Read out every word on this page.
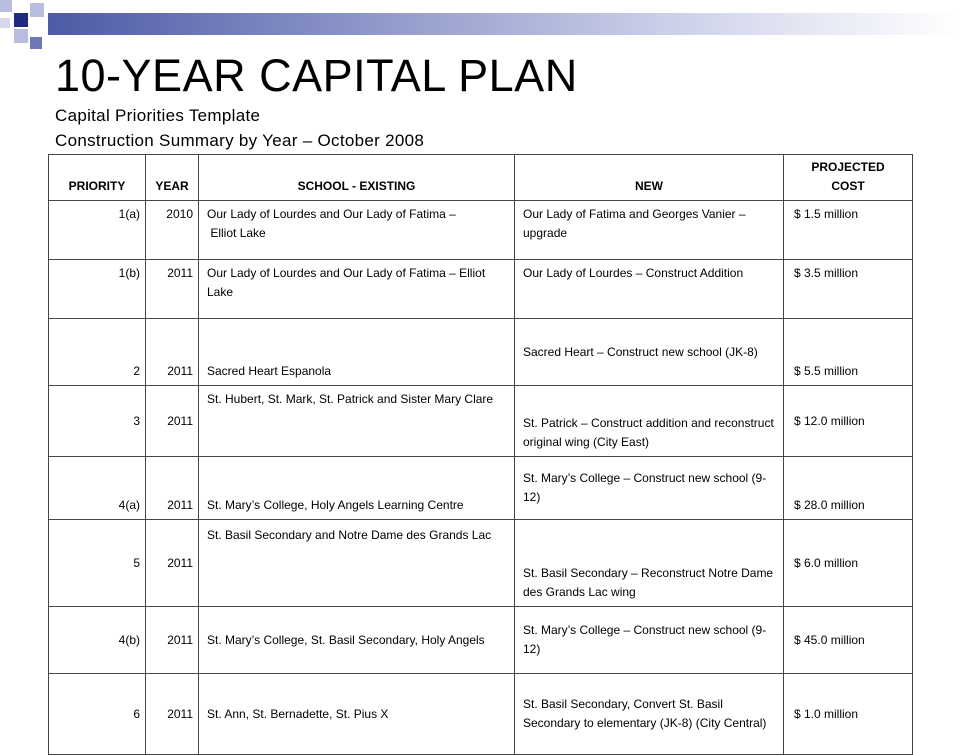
10-YEAR CAPITAL PLAN
Capital Priorities Template
Construction Summary by Year – October 2008
PRIORITY	YEAR	SCHOOL - EXISTING	NEW	PROJECTED
COST
1(a)	2010	Our Lady of Lourdes and Our Lady of Fatima –
Elliot Lake	Our Lady of Fatima and Georges Vanier – upgrade	$ 1.5 million
1(b)	2011	Our Lady of Lourdes and Our Lady of Fatima – Elliot Lake	Our Lady of Lourdes – Construct Addition	$ 3.5 million
2	2011	Sacred Heart Espanola	Sacred Heart – Construct new school (JK-8)	$ 5.5 million
3	2011	St. Hubert, St. Mark, St. Patrick and Sister Mary Clare	St. Patrick – Construct addition and reconstruct original wing (City East)	$ 12.0 million
4(a)	2011	St. Mary’s College, Holy Angels Learning Centre	St. Mary’s College – Construct new school (9-12)	$ 28.0 million
5	2011	St. Basil Secondary and Notre Dame des Grands Lac	St. Basil Secondary – Reconstruct Notre Dame des Grands Lac wing	$ 6.0 million
4(b)	2011	St. Mary’s College, St. Basil Secondary, Holy Angels	St. Mary’s College – Construct new school (9-12)	$ 45.0 million
6	2011	St. Ann, St. Bernadette, St. Pius X	St. Basil Secondary, Convert St. Basil Secondary to elementary (JK-8) (City Central)	$ 1.0 million
